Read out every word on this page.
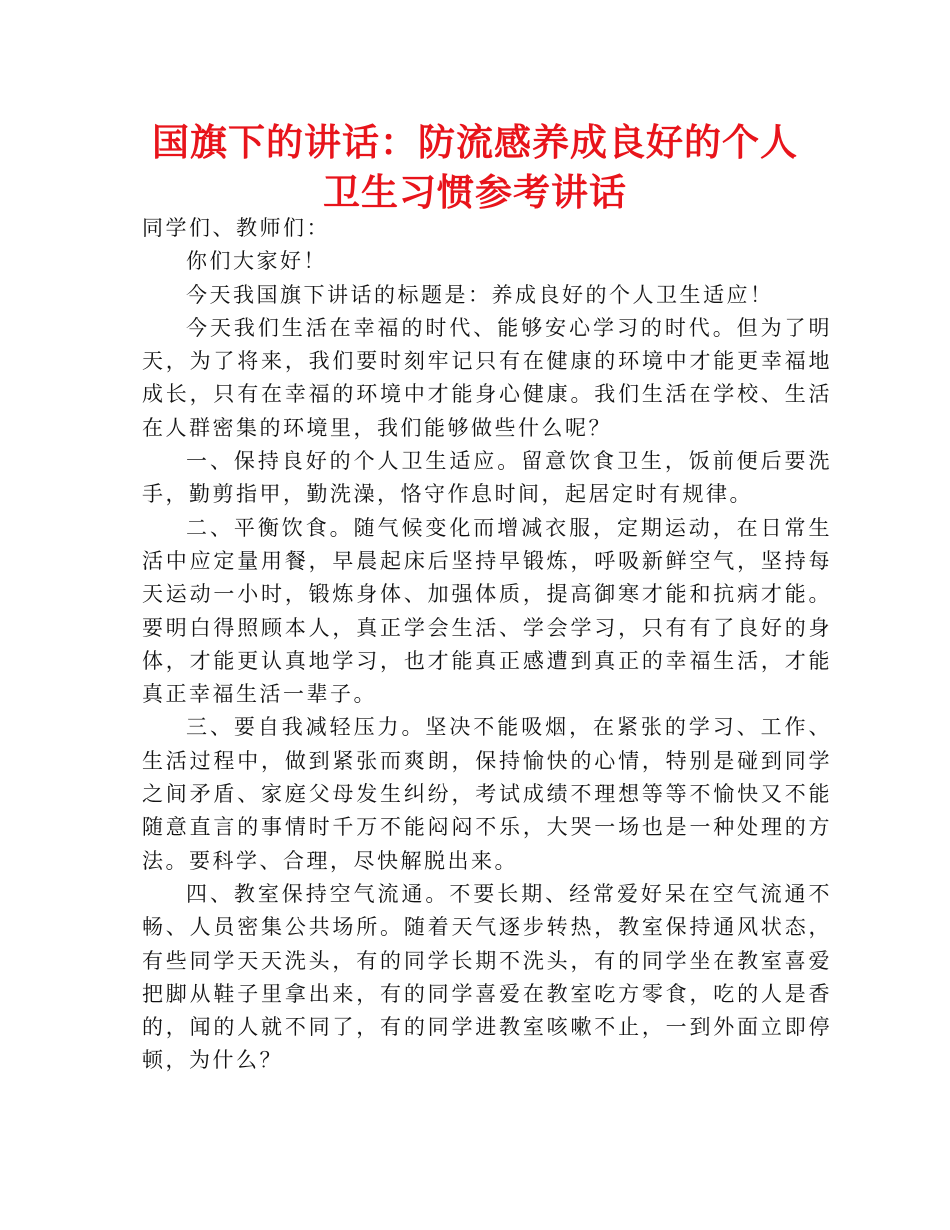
国旗下的讲话：防流感养成良好的个人卫生习惯参考讲话

同学们、教师们：

你们大家好！

今天我国旗下讲话的标题是：养成良好的个人卫生适应！

今天我们生活在幸福的时代、能够安心学习的时代。但为了明天，为了将来，我们要时刻牢记只有在健康的环境中才能更幸福地成长，只有在幸福的环境中才能身心健康。我们生活在学校、生活在人群密集的环境里，我们能够做些什么呢？

一、保持良好的个人卫生适应。留意饮食卫生，饭前便后要洗手，勤剪指甲，勤洗澡，恪守作息时间，起居定时有规律。

二、平衡饮食。随气候变化而增减衣服，定期运动，在日常生活中应定量用餐，早晨起床后坚持早锻炼，呼吸新鲜空气，坚持每天运动一小时，锻炼身体、加强体质，提高御寒才能和抗病才能。要明白得照顾本人，真正学会生活、学会学习，只有有了良好的身体，才能更认真地学习，也才能真正感遭到真正的幸福生活，才能真正幸福生活一辈子。

三、要自我减轻压力。坚决不能吸烟，在紧张的学习、工作、生活过程中，做到紧张而爽朗，保持愉快的心情，特别是碰到同学之间矛盾、家庭父母发生纠纷，考试成绩不理想等等不愉快又不能随意直言的事情时千万不能闷闷不乐，大哭一场也是一种处理的方法。要科学、合理，尽快解脱出来。

四、教室保持空气流通。不要长期、经常爱好呆在空气流通不畅、人员密集公共场所。随着天气逐步转热，教室保持通风状态，有些同学天天洗头，有的同学长期不洗头，有的同学坐在教室喜爱把脚从鞋子里拿出来，有的同学喜爱在教室吃方零食，吃的人是香的，闻的人就不同了，有的同学进教室咳嗽不止，一到外面立即停顿，为什么？
